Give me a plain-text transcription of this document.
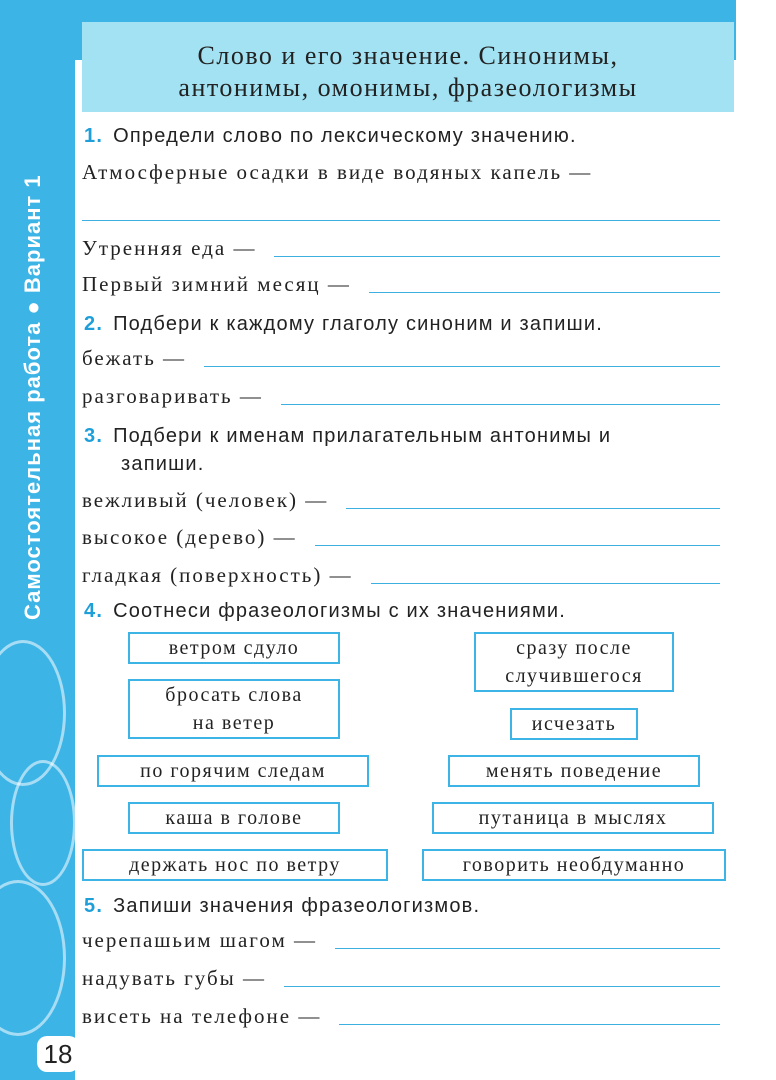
Самостоятельная работа ● Вариант 1
Слово и его значение. Синонимы,
антонимы, омонимы, фразеологизмы
1. Определи слово по лексическому значению.
Атмосферные осадки в виде водяных капель —
Утренняя еда —
Первый зимний месяц —
2. Подбери к каждому глаголу синоним и запиши.
бежать —
разговаривать —
3. Подбери к именам прилагательным антонимы и
запиши.
вежливый (человек) —
высокое (дерево) —
гладкая (поверхность) —
4. Соотнеси фразеологизмы с их значениями.
ветром сдуло
бросать слова
на ветер
по горячим следам
каша в голове
держать нос по ветру
сразу после
случившегося
исчезать
менять поведение
путаница в мыслях
говорить необдуманно
5. Запиши значения фразеологизмов.
черепашьим шагом —
надувать губы —
висеть на телефоне —
18
